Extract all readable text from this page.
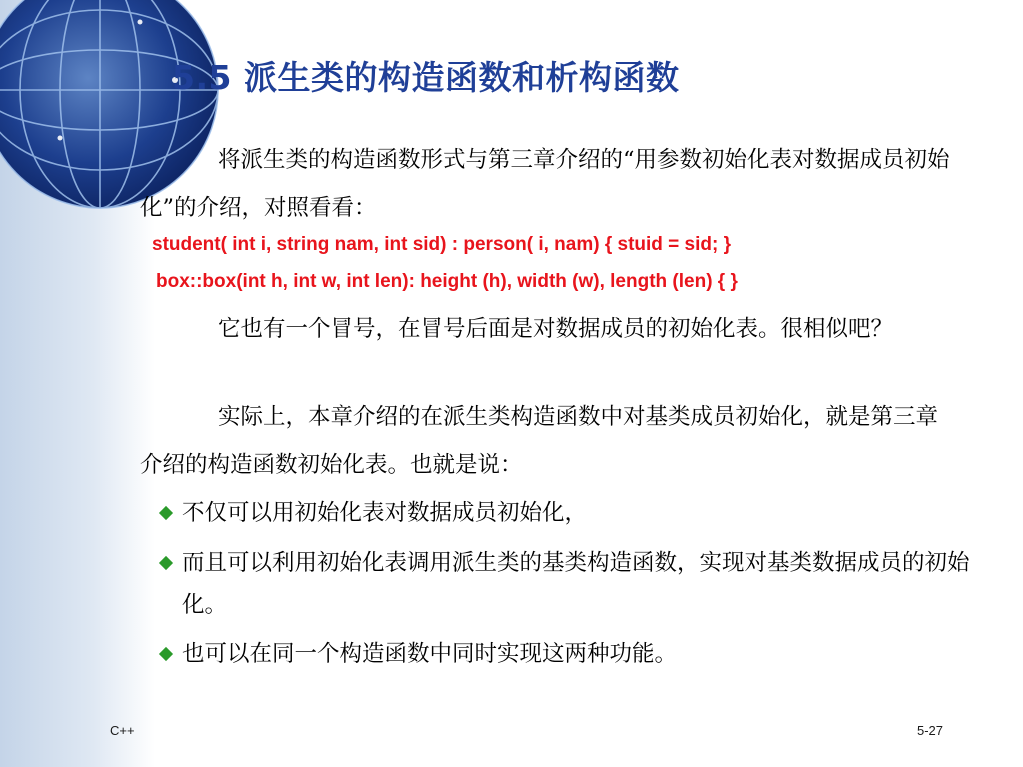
5.5 派生类的构造函数和析构函数
将派生类的构造函数形式与第三章介绍的“用参数初始化表对数据成员初始化”的介绍，对照看看：
student( int i, string nam, int sid) : person( i, nam) { stuid = sid; }
box::box(int h, int w, int len): height (h), width (w), length (len) { }
它也有一个冒号，在冒号后面是对数据成员的初始化表。很相似吧？
实际上，本章介绍的在派生类构造函数中对基类成员初始化，就是第三章介绍的构造函数初始化表。也就是说：
不仅可以用初始化表对数据成员初始化，
而且可以利用初始化表调用派生类的基类构造函数，实现对基类数据成员的初始化。
也可以在同一个构造函数中同时实现这两种功能。
C++	5-27
